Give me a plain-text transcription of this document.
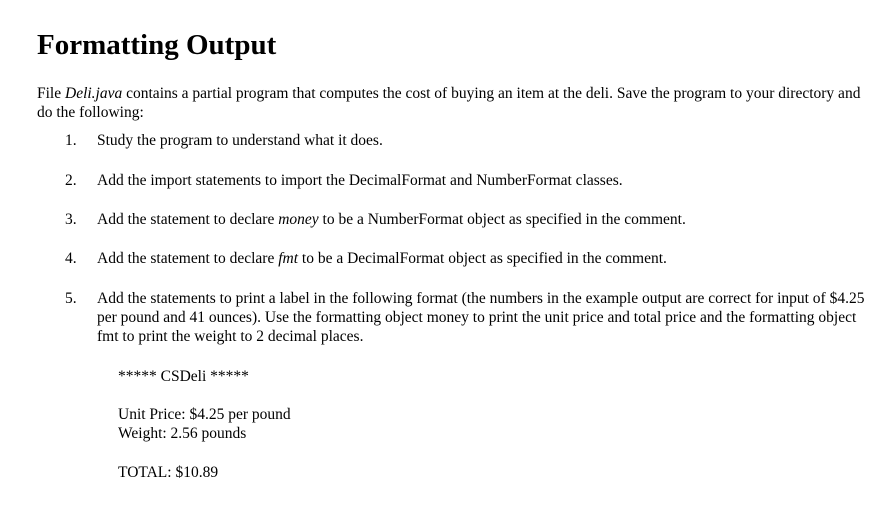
Formatting Output

File Deli.java contains a partial program that computes the cost of buying an item at the deli. Save the program to your directory and do the following:

1.	Study the program to understand what it does.
2.	Add the import statements to import the DecimalFormat and NumberFormat classes.
3.	Add the statement to declare money to be a NumberFormat object as specified in the comment.
4.	Add the statement to declare fmt to be a DecimalFormat object as specified in the comment.
5.	Add the statements to print a label in the following format (the numbers in the example output are correct for input of $4.25 per pound and 41 ounces). Use the formatting object money to print the unit price and total price and the formatting object fmt to print the weight to 2 decimal places.
***** CSDeli *****
Unit Price: $4.25 per pound
Weight: 2.56 pounds
TOTAL: $10.89
